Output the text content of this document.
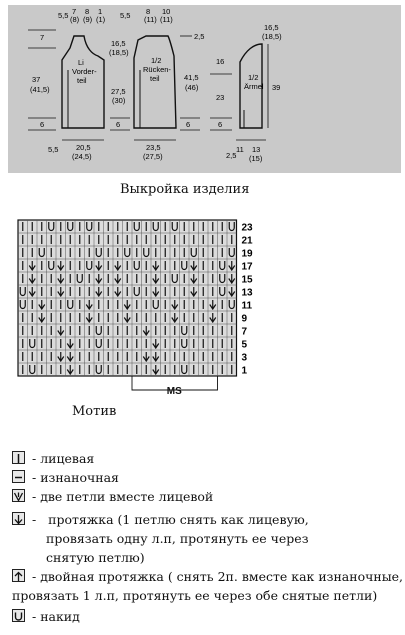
Li
Vorder-
teil
1/2
Rücken-
teil	1/2
Ärmel
5,5 7
(8)
8
(9)
1
(1) 5,5 8
(11)
10
(11)
7
37
(41,5)
6
16,5
(18,5)
27,5
(30)
6
20,5
(24,5)
5,5
2,5
41,5
(46)
6
23,5
(27,5)
16,5
(18,5)
16
23
6
39
2,5
11 13
(15)
Выкройка изделия
23
21
19
17
15
13
11
9
7
5
3
1
MS
Мотив
- лицевая
- изнаночная
- две петли вместе лицевой
-   протяжка (1 петлю снять как лицевую,
провязать одну л.п, протянуть ее через
снятую петлю)
- двойная протяжка ( снять 2п. вместе как изнаночные,
провязать 1 л.п, протянуть ее через обе снятые петли)
- накид
